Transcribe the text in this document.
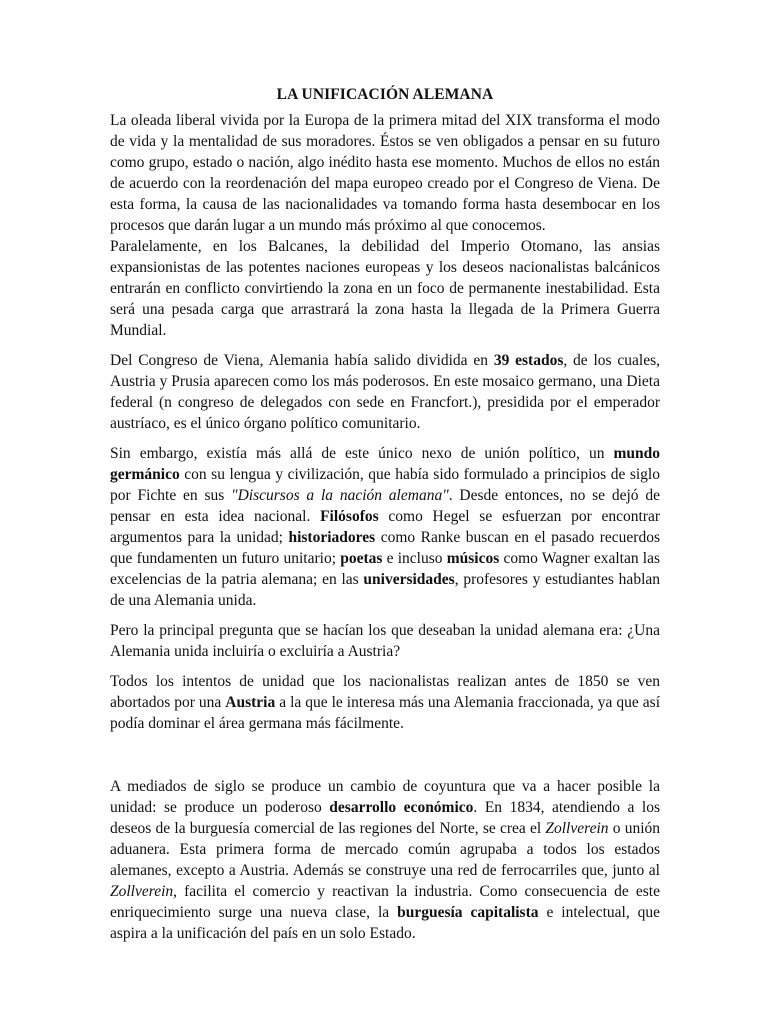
LA UNIFICACIÓN ALEMANA

La oleada liberal vivida por la Europa de la primera mitad del XIX transforma el modo de vida y la mentalidad de sus moradores. Éstos se ven obligados a pensar en su futuro como grupo, estado o nación, algo inédito hasta ese momento. Muchos de ellos no están de acuerdo con la reordenación del mapa europeo creado por el Congreso de Viena. De esta forma, la causa de las nacionalidades va tomando forma hasta desembocar en los procesos que darán lugar a un mundo más próximo al que conocemos.

Paralelamente, en los Balcanes, la debilidad del Imperio Otomano, las ansias expansionistas de las potentes naciones europeas y los deseos nacionalistas balcánicos entrarán en conflicto convirtiendo la zona en un foco de permanente inestabilidad. Esta será una pesada carga que arrastrará la zona hasta la llegada de la Primera Guerra Mundial.

Del Congreso de Viena, Alemania había salido dividida en 39 estados, de los cuales, Austria y Prusia aparecen como los más poderosos. En este mosaico germano, una Dieta federal (n congreso de delegados con sede en Francfort.), presidida por el emperador austríaco, es el único órgano político comunitario.

Sin embargo, existía más allá de este único nexo de unión político, un mundo germánico con su lengua y civilización, que había sido formulado a principios de siglo por Fichte en sus "Discursos a la nación alemana". Desde entonces, no se dejó de pensar en esta idea nacional. Filósofos como Hegel se esfuerzan por encontrar argumentos para la unidad; historiadores como Ranke buscan en el pasado recuerdos que fundamenten un futuro unitario; poetas e incluso músicos como Wagner exaltan las excelencias de la patria alemana; en las universidades, profesores y estudiantes hablan de una Alemania unida.

Pero la principal pregunta que se hacían los que deseaban la unidad alemana era: ¿Una Alemania unida incluiría o excluiría a Austria?

Todos los intentos de unidad que los nacionalistas realizan antes de 1850 se ven abortados por una Austria a la que le interesa más una Alemania fraccionada, ya que así podía dominar el área germana más fácilmente.

A mediados de siglo se produce un cambio de coyuntura que va a hacer posible la unidad: se produce un poderoso desarrollo económico. En 1834, atendiendo a los deseos de la burguesía comercial de las regiones del Norte, se crea el Zollverein o unión aduanera. Esta primera forma de mercado común agrupaba a todos los estados alemanes, excepto a Austria. Además se construye una red de ferrocarriles que, junto al Zollverein, facilita el comercio y reactivan la industria. Como consecuencia de este enriquecimiento surge una nueva clase, la burguesía capitalista e intelectual, que aspira a la unificación del país en un solo Estado.
